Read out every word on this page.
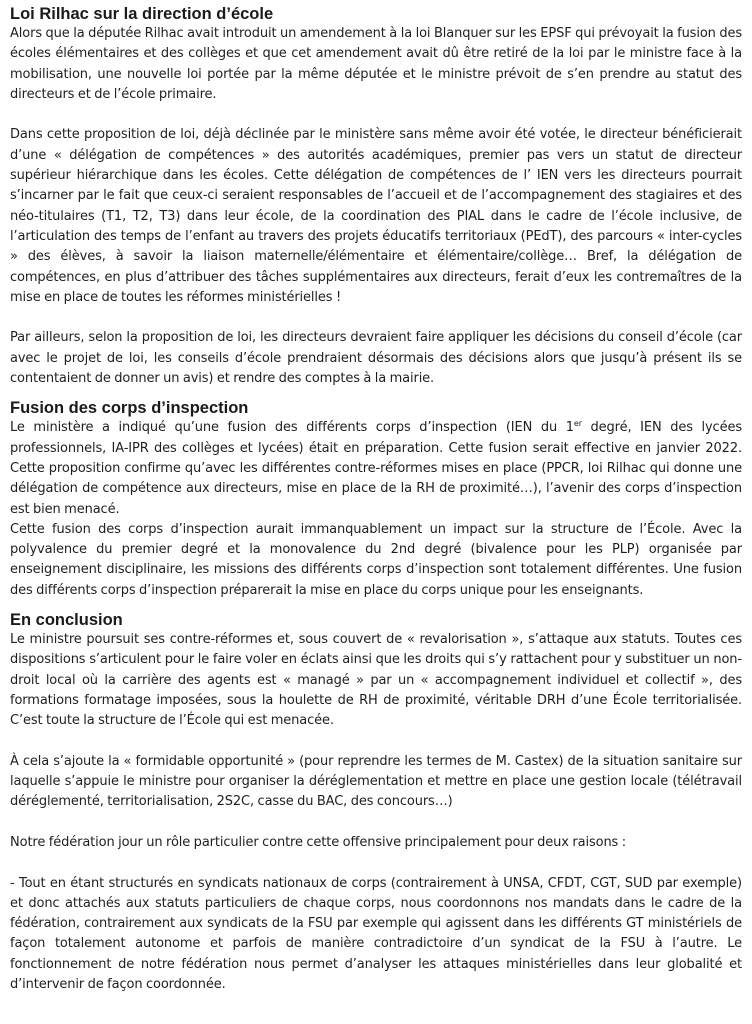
Loi Rilhac sur la direction d’école

Alors que la députée Rilhac avait introduit un amendement à la loi Blanquer sur les EPSF qui prévoyait la fusion des écoles élémentaires et des collèges et que cet amendement avait dû être retiré de la loi par le ministre face à la mobilisation, une nouvelle loi portée par la même députée et le ministre prévoit de s’en prendre au statut des directeurs et de l’école primaire.

Dans cette proposition de loi, déjà déclinée par le ministère sans même avoir été votée, le directeur bénéficierait d’une « délégation de compétences » des autorités académiques, premier pas vers un statut de directeur supérieur hiérarchique dans les écoles. Cette délégation de compétences de l’ IEN vers les directeurs pourrait s’incarner par le fait que ceux-ci seraient responsables de l’accueil et de l’accompagnement des stagiaires et des néo-titulaires (T1, T2, T3) dans leur école, de la coordination des PIAL dans le cadre de l’école inclusive, de l’articulation des temps de l’enfant au travers des projets éducatifs territoriaux (PEdT), des parcours « inter-cycles » des élèves, à savoir la liaison maternelle/élémentaire et élémentaire/collège… Bref, la délégation de compétences, en plus d’attribuer des tâches supplémentaires aux directeurs, ferait d’eux les contremaîtres de la mise en place de toutes les réformes ministérielles !

Par ailleurs, selon la proposition de loi, les directeurs devraient faire appliquer les décisions du conseil d’école (car avec le projet de loi, les conseils d’école prendraient désormais des décisions alors que jusqu’à présent ils se contentaient de donner un avis) et rendre des comptes à la mairie.

Fusion des corps d’inspection

Le ministère a indiqué qu’une fusion des différents corps d’inspection (IEN du 1er degré, IEN des lycées professionnels, IA-IPR des collèges et lycées) était en préparation. Cette fusion serait effective en janvier 2022. Cette proposition confirme qu’avec les différentes contre-réformes mises en place (PPCR, loi Rilhac qui donne une délégation de compétence aux directeurs, mise en place de la RH de proximité…), l’avenir des corps d’inspection est bien menacé.

Cette fusion des corps d’inspection aurait immanquablement un impact sur la structure de l’École. Avec la polyvalence du premier degré et la monovalence du 2nd degré (bivalence pour les PLP) organisée par enseignement disciplinaire, les missions des différents corps d’inspection sont totalement différentes. Une fusion des différents corps d’inspection préparerait la mise en place du corps unique pour les enseignants.

En conclusion

Le ministre poursuit ses contre-réformes et, sous couvert de « revalorisation », s’attaque aux statuts. Toutes ces dispositions s’articulent pour le faire voler en éclats ainsi que les droits qui s’y rattachent pour y substituer un non-droit local où la carrière des agents est « managé » par un « accompagnement individuel et collectif », des formations formatage imposées, sous la houlette de RH de proximité, véritable DRH d’une École territorialisée. C’est toute la structure de l’École qui est menacée.

À cela s’ajoute la « formidable opportunité » (pour reprendre les termes de M. Castex) de la situation sanitaire sur laquelle s’appuie le ministre pour organiser la déréglementation et mettre en place une gestion locale (télétravail déréglementé, territorialisation, 2S2C, casse du BAC, des concours…)

Notre fédération jour un rôle particulier contre cette offensive principalement pour deux raisons :

- Tout en étant structurés en syndicats nationaux de corps (contrairement à UNSA, CFDT, CGT, SUD par exemple) et donc attachés aux statuts particuliers de chaque corps, nous coordonnons nos mandats dans le cadre de la fédération, contrairement aux syndicats de la FSU par exemple qui agissent dans les différents GT ministériels de façon totalement autonome et parfois de manière contradictoire d’un syndicat de la FSU à l’autre. Le fonctionnement de notre fédération nous permet d’analyser les attaques ministérielles dans leur globalité et d’intervenir de façon coordonnée.
